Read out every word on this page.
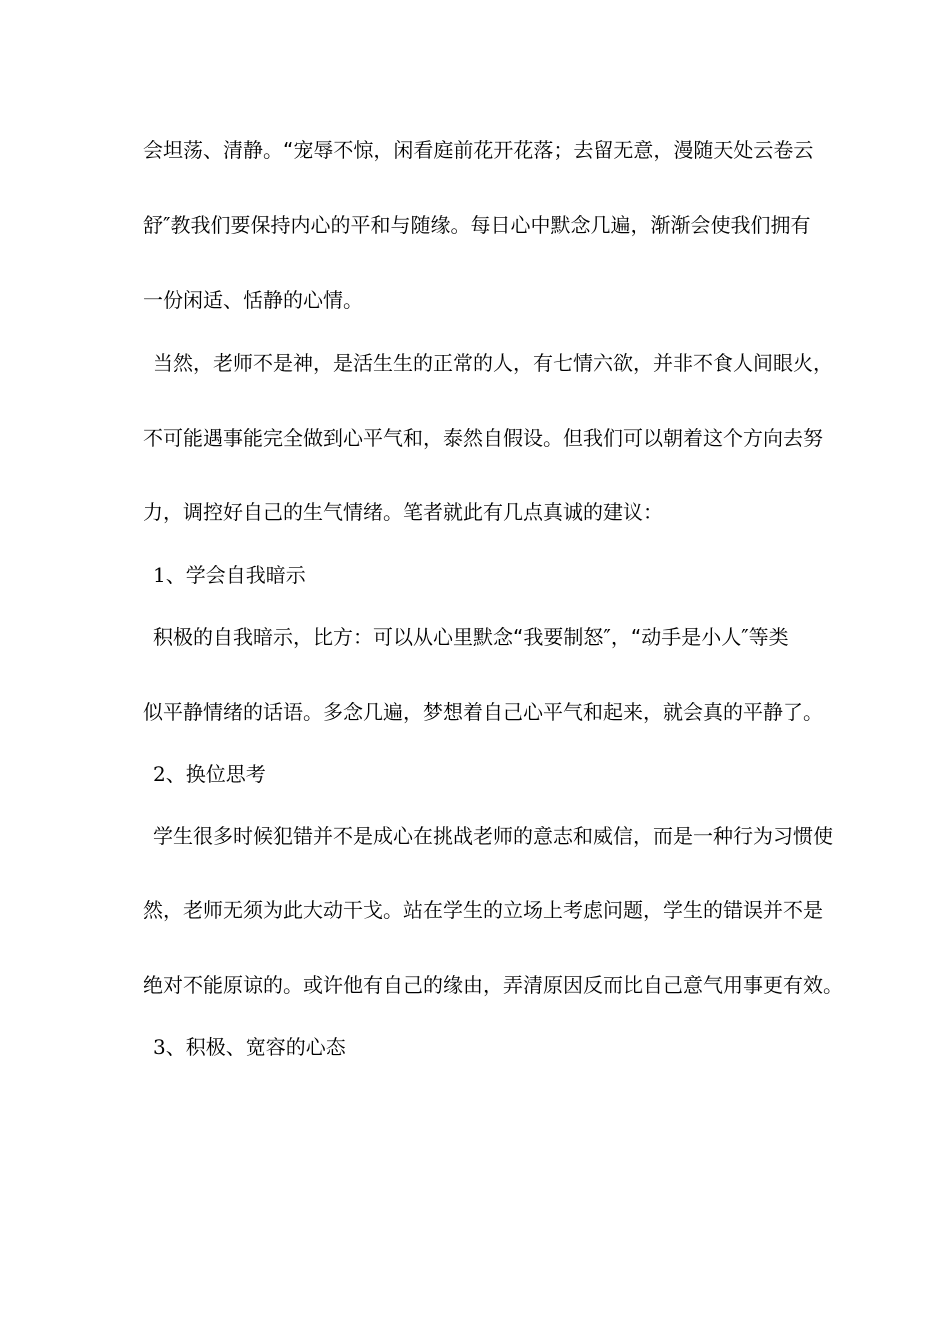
会坦荡、清静。“宠辱不惊，闲看庭前花开花落；去留无意，漫随天处云卷云
舒″教我们要保持内心的平和与随缘。每日心中默念几遍，渐渐会使我们拥有
一份闲适、恬静的心情。
当然，老师不是神，是活生生的正常的人，有七情六欲，并非不食人间眼火，
不可能遇事能完全做到心平气和，泰然自假设。但我们可以朝着这个方向去努
力，调控好自己的生气情绪。笔者就此有几点真诚的建议：
1、学会自我暗示
积极的自我暗示，比方：可以从心里默念“我要制怒″，“动手是小人″等类
似平静情绪的话语。多念几遍，梦想着自己心平气和起来，就会真的平静了。
2、换位思考
学生很多时候犯错并不是成心在挑战老师的意志和威信，而是一种行为习惯使
然，老师无须为此大动干戈。站在学生的立场上考虑问题，学生的错误并不是
绝对不能原谅的。或许他有自己的缘由，弄清原因反而比自己意气用事更有效。
3、积极、宽容的心态
